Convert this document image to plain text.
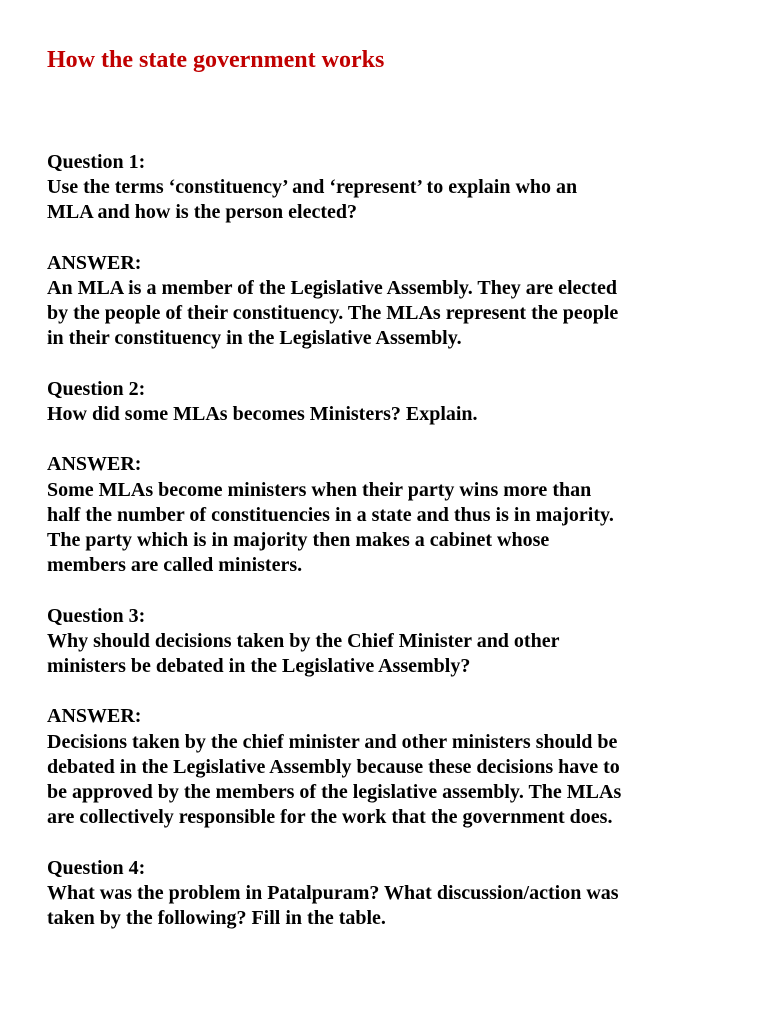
How the state government works
Question 1:
Use the terms ‘constituency’ and ‘represent’ to explain who an
MLA and how is the person elected?
ANSWER:
An MLA is a member of the Legislative Assembly. They are elected
by the people of their constituency. The MLAs represent the people
in their constituency in the Legislative Assembly.
Question 2:
How did some MLAs becomes Ministers? Explain.
ANSWER:
Some MLAs become ministers when their party wins more than
half the number of constituencies in a state and thus is in majority.
The party which is in majority then makes a cabinet whose
members are called ministers.
Question 3:
Why should decisions taken by the Chief Minister and other
ministers be debated in the Legislative Assembly?
ANSWER:
Decisions taken by the chief minister and other ministers should be
debated in the Legislative Assembly because these decisions have to
be approved by the members of the legislative assembly. The MLAs
are collectively responsible for the work that the government does.
Question 4:
What was the problem in Patalpuram? What discussion/action was
taken by the following? Fill in the table.
